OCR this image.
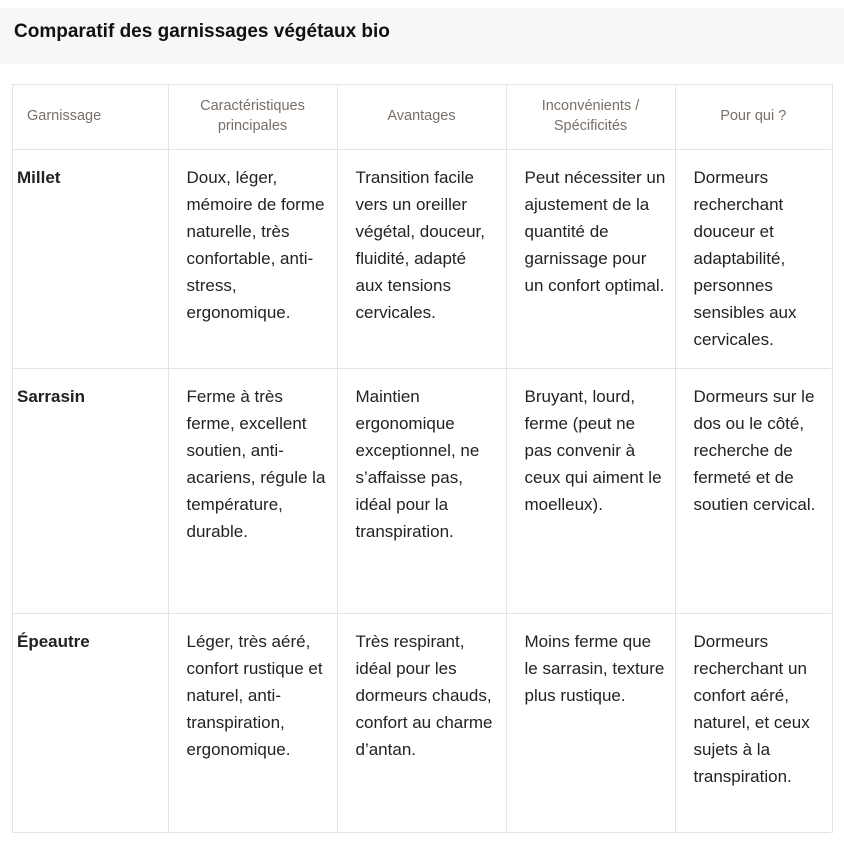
Comparatif des garnissages végétaux bio
Garnissage	Caractéristiques principales	Avantages	Inconvénients / Spécificités	Pour qui ?
Millet	Doux, léger, mémoire de forme naturelle, très confortable, anti-stress, ergonomique.	Transition facile vers un oreiller végétal, douceur, fluidité, adapté aux tensions cervicales.	Peut nécessiter un ajustement de la quantité de garnissage pour un confort optimal.	Dormeurs recherchant douceur et adaptabilité, personnes sensibles aux cervicales.
Sarrasin	Ferme à très ferme, excellent soutien, anti-acariens, régule la température, durable.	Maintien ergonomique exceptionnel, ne s’affaisse pas, idéal pour la transpiration.	Bruyant, lourd, ferme (peut ne pas convenir à ceux qui aiment le moelleux).	Dormeurs sur le dos ou le côté, recherche de fermeté et de soutien cervical.
Épeautre	Léger, très aéré, confort rustique et naturel, anti-transpiration, ergonomique.	Très respirant, idéal pour les dormeurs chauds, confort au charme d’antan.	Moins ferme que le sarrasin, texture plus rustique.	Dormeurs recherchant un confort aéré, naturel, et ceux sujets à la transpiration.
